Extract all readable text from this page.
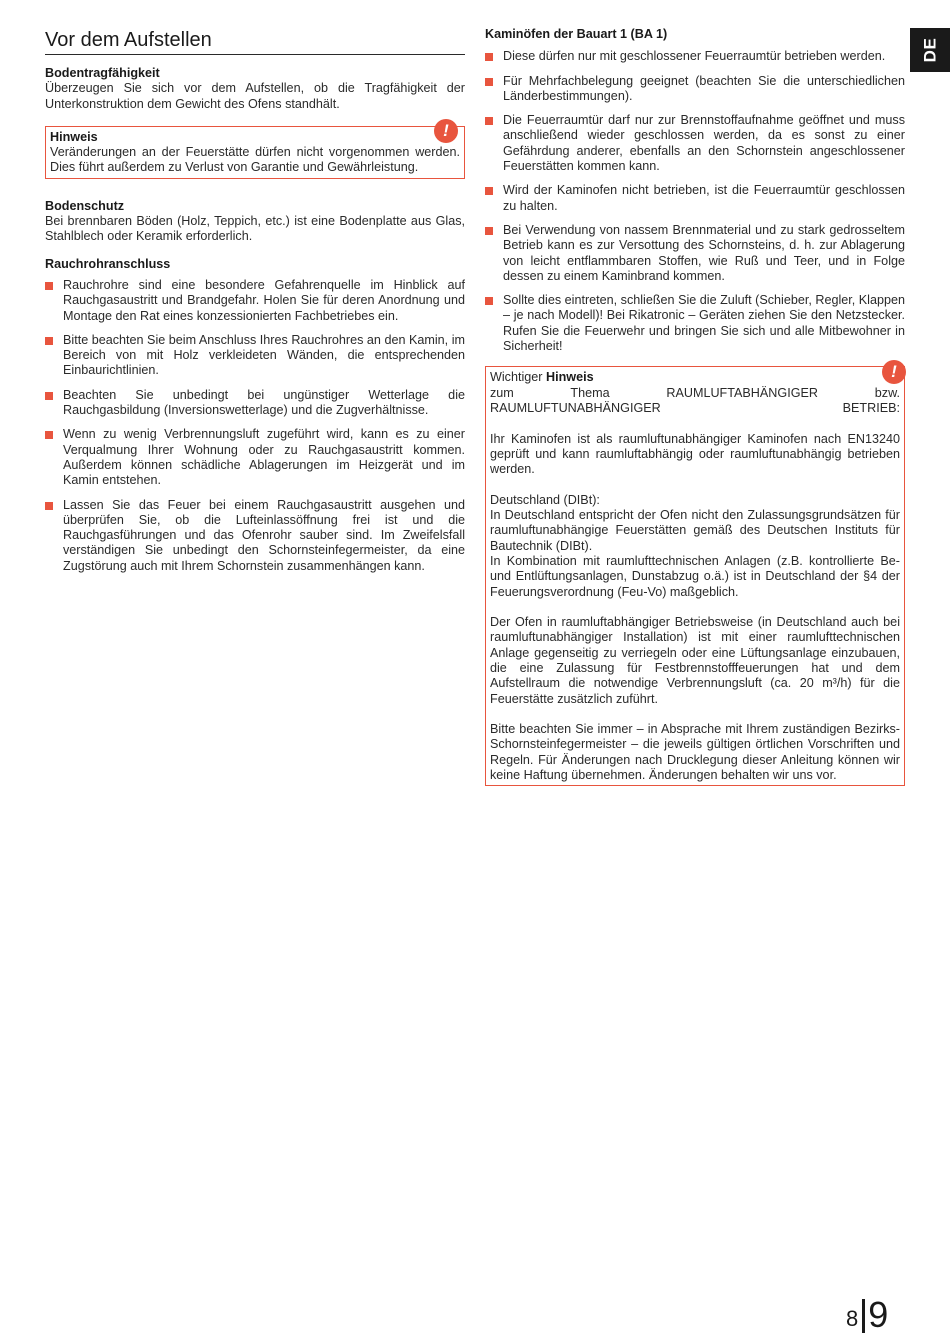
DE
Vor dem Aufstellen

Bodentragfähigkeit

Überzeugen Sie sich vor dem Aufstellen, ob die Tragfähigkeit der Unterkonstruktion dem Gewicht des Ofens standhält.

!
Hinweis

Veränderungen an der Feuerstätte dürfen nicht vorgenommen werden. Dies führt außerdem zu Verlust von Garantie und Gewährleistung.

Bodenschutz

Bei brennbaren Böden (Holz, Teppich, etc.) ist eine Bodenplatte aus Glas, Stahlblech oder Keramik erforderlich.

Rauchrohranschluss

Rauchrohre sind eine besondere Gefahrenquelle im Hinblick auf Rauchgasaustritt und Brandgefahr. Holen Sie für deren Anordnung und Montage den Rat eines konzessionierten Fachbetriebes ein.
Bitte beachten Sie beim Anschluss Ihres Rauchrohres an den Kamin, im Bereich von mit Holz verkleideten Wänden, die entsprechenden Einbaurichtlinien.
Beachten Sie unbedingt bei ungünstiger Wetterlage die Rauchgasbildung (Inversionswetterlage) und die Zugverhältnisse.
Wenn zu wenig Verbrennungsluft zugeführt wird, kann es zu einer Verqualmung Ihrer Wohnung oder zu Rauchgasaustritt kommen. Außerdem können schädliche Ablagerungen im Heizgerät und im Kamin entstehen.
Lassen Sie das Feuer bei einem Rauchgasaustritt ausgehen und überprüfen Sie, ob die Lufteinlassöffnung frei ist und die Rauchgasführungen und das Ofenrohr sauber sind. Im Zweifelsfall verständigen Sie unbedingt den Schornsteinfegermeister, da eine Zugstörung auch mit Ihrem Schornstein zusammenhängen kann.

Kaminöfen der Bauart 1 (BA 1)

Diese dürfen nur mit geschlossener Feuerraumtür betrieben werden.
Für Mehrfachbelegung geeignet (beachten Sie die unterschiedlichen Länderbestimmungen).
Die Feuerraumtür darf nur zur Brennstoffaufnahme geöffnet und muss anschließend wieder geschlossen werden, da es sonst zu einer Gefährdung anderer, ebenfalls an den Schornstein angeschlossener Feuerstätten kommen kann.
Wird der Kaminofen nicht betrieben, ist die Feuerraumtür geschlossen zu halten.
Bei Verwendung von nassem Brennmaterial und zu stark gedrosseltem Betrieb kann es zur Versottung des Schornsteins, d. h. zur Ablagerung von leicht entflammbaren Stoffen, wie Ruß und Teer, und in Folge dessen zu einem Kaminbrand kommen.
Sollte dies eintreten, schließen Sie die Zuluft (Schieber, Regler, Klappen – je nach Modell)! Bei Rikatronic – Geräten ziehen Sie den Netzstecker. Rufen Sie die Feuerwehr und bringen Sie sich und alle Mitbewohner in Sicherheit!
!
Wichtiger Hinweis

zum Thema RAUMLUFTABHÄNGIGER bzw. RAUMLUFTUNABHÄNGIGER BETRIEB:

Ihr Kaminofen ist als raumluftunabhängiger Kaminofen nach EN13240 geprüft und kann raumluftabhängig oder raumluftunabhängig betrieben werden.

Deutschland (DIBt):

In Deutschland entspricht der Ofen nicht den Zulassungsgrundsätzen für raumluftunabhängige Feuerstätten gemäß des Deutschen Instituts für Bautechnik (DIBt).

In Kombination mit raumlufttechnischen Anlagen (z.B. kontrollierte Be- und Entlüftungsanlagen, Dunstabzug o.ä.) ist in Deutschland der §4 der Feuerungsverordnung (Feu-Vo) maßgeblich.

Der Ofen in raumluftabhängiger Betriebsweise (in Deutschland auch bei raumluftunabhängiger Installation) ist mit einer raumlufttechnischen Anlage gegenseitig zu verriegeln oder eine Lüftungsanlage einzubauen, die eine Zulassung für Festbrennstofffeuerungen hat und dem Aufstellraum die notwendige Verbrennungsluft (ca. 20 m³/h) für die Feuerstätte zusätzlich zuführt.

Bitte beachten Sie immer – in Absprache mit Ihrem zuständigen Bezirks-Schornsteinfegermeister – die jeweils gültigen örtlichen Vorschriften und Regeln. Für Änderungen nach Drucklegung dieser Anleitung können wir keine Haftung übernehmen. Änderungen behalten wir uns vor.

8 9
